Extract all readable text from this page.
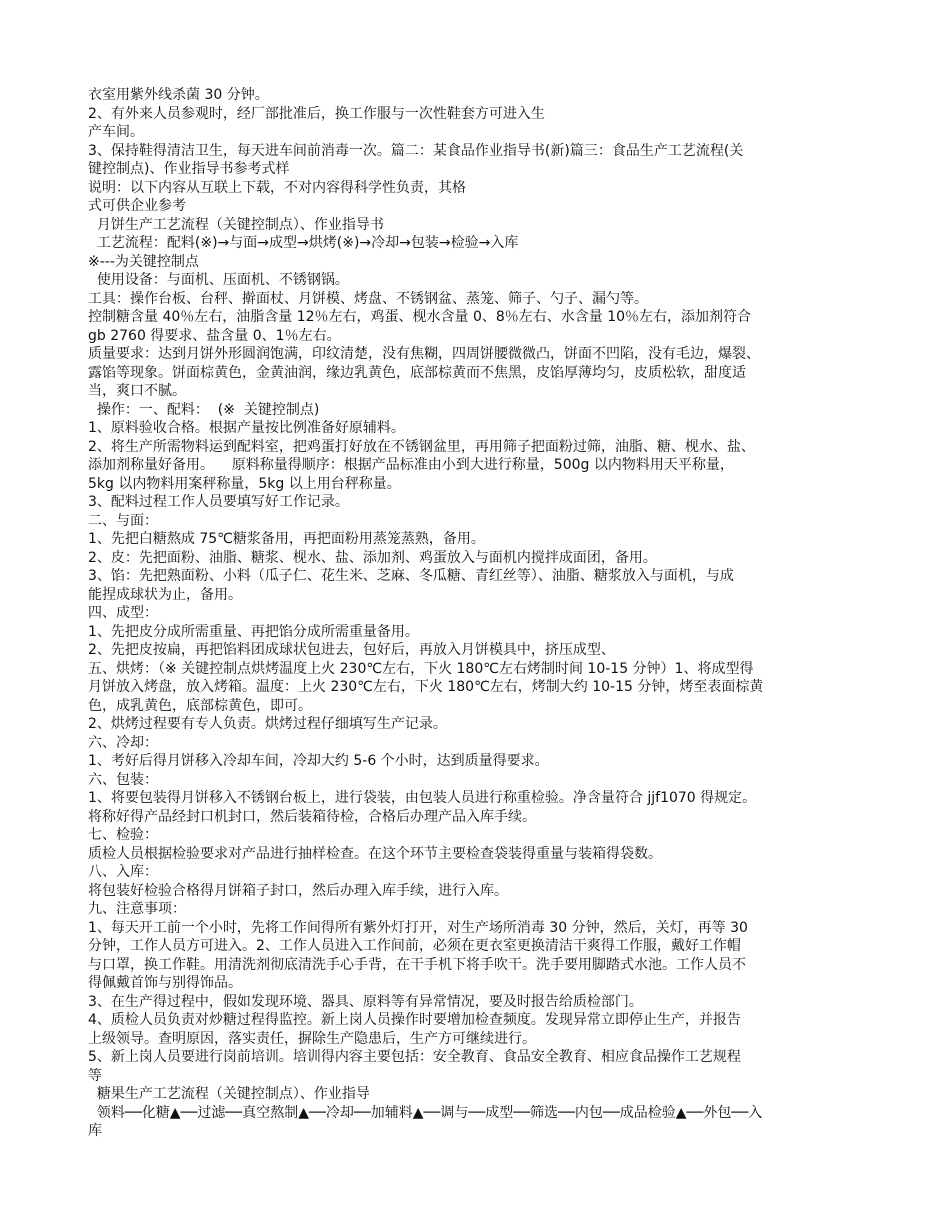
衣室用紫外线杀菌 30 分钟。
2、有外来人员参观时，经厂部批准后，换工作服与一次性鞋套方可进入生
产车间。
3、保持鞋得清洁卫生，每天进车间前消毒一次。篇二：某食品作业指导书(新)篇三：食品生产工艺流程(关
键控制点)、作业指导书参考式样
说明：以下内容从互联上下载，不对内容得科学性负责，其格
式可供企业参考
月饼生产工艺流程（关键控制点）、作业指导书
工艺流程：配料(※)→与面→成型→烘烤(※)→冷却→包装→检验→入库
※---为关键控制点
使用设备：与面机、压面机、不锈钢锅。
工具：操作台板、台秤、擀面杖、月饼模、烤盘、不锈钢盆、蒸笼、筛子、勺子、漏勺等。
控制糖含量 40％左右，油脂含量 12％左右，鸡蛋、枧水含量 0、8％左右、水含量 10％左右，添加剂符合
gb 2760 得要求、盐含量 0、1％左右。
质量要求：达到月饼外形圆润饱满，印纹清楚，没有焦糊，四周饼腰微微凸，饼面不凹陷，没有毛边，爆裂、
露馅等现象。饼面棕黄色，金黄油润，缘边乳黄色，底部棕黄而不焦黑，皮馅厚薄均匀，皮质松软，甜度适
当，爽口不腻。
操作：一、配料：  (※  关键控制点)
1、原料验收合格。根据产量按比例准备好原辅料。
2、将生产所需物料运到配料室，把鸡蛋打好放在不锈钢盆里，再用筛子把面粉过筛，油脂、糖、枧水、盐、
添加剂称量好备用。    原料称量得顺序：根据产品标准由小到大进行称量，500g 以内物料用天平称量，
5kg 以内物料用案秤称量，5kg 以上用台秤称量。
3、配料过程工作人员要填写好工作记录。
二、与面：
1、先把白糖熬成 75℃糖浆备用，再把面粉用蒸笼蒸熟，备用。
2、皮：先把面粉、油脂、糖浆、枧水、盐、添加剂、鸡蛋放入与面机内搅拌成面团，备用。
3、馅：先把熟面粉、小料（瓜子仁、花生米、芝麻、冬瓜糖、青红丝等）、油脂、糖浆放入与面机，与成
能捏成球状为止，备用。
四、成型：
1、先把皮分成所需重量、再把馅分成所需重量备用。
2、先把皮按扁，再把馅料团成球状包进去，包好后，再放入月饼模具中，挤压成型、
五、烘烤：（※ 关键控制点烘烤温度上火 230℃左右，下火 180℃左右烤制时间 10-15 分钟）1、将成型得
月饼放入烤盘，放入烤箱。温度：上火 230℃左右，下火 180℃左右，烤制大约 10-15 分钟，烤至表面棕黄
色，成乳黄色，底部棕黄色，即可。
2、烘烤过程要有专人负责。烘烤过程仔细填写生产记录。
六、冷却：
1、考好后得月饼移入冷却车间，冷却大约 5-6 个小时，达到质量得要求。
六、包装：
1、将要包装得月饼移入不锈钢台板上，进行袋装，由包装人员进行称重检验。净含量符合 jjf1070 得规定。
将称好得产品经封口机封口，然后装箱待检，合格后办理产品入库手续。
七、检验：
质检人员根据检验要求对产品进行抽样检查。在这个环节主要检查袋装得重量与装箱得袋数。
八、入库：
将包装好检验合格得月饼箱子封口，然后办理入库手续，进行入库。
九、注意事项：
1、每天开工前一个小时，先将工作间得所有紫外灯打开，对生产场所消毒 30 分钟，然后，关灯，再等 30
分钟，工作人员方可进入。2、工作人员进入工作间前，必须在更衣室更换清洁干爽得工作服，戴好工作帽
与口罩，换工作鞋。用清洗剂彻底清洗手心手背，在干手机下将手吹干。洗手要用脚踏式水池。工作人员不
得佩戴首饰与别得饰品。
3、在生产得过程中，假如发现环境、器具、原料等有异常情况，要及时报告给质检部门。
4、质检人员负责对炒糖过程得监控。新上岗人员操作时要增加检查频度。发现异常立即停止生产，并报告
上级领导。查明原因，落实责任，摒除生产隐患后，生产方可继续进行。
5、新上岗人员要进行岗前培训。培训得内容主要包括：安全教育、食品安全教育、相应食品操作工艺规程
等
糖果生产工艺流程（关键控制点）、作业指导
领料──化糖▲──过滤──真空熬制▲──冷却──加辅料▲──调与──成型──筛选──内包──成品检验▲──外包──入
库
